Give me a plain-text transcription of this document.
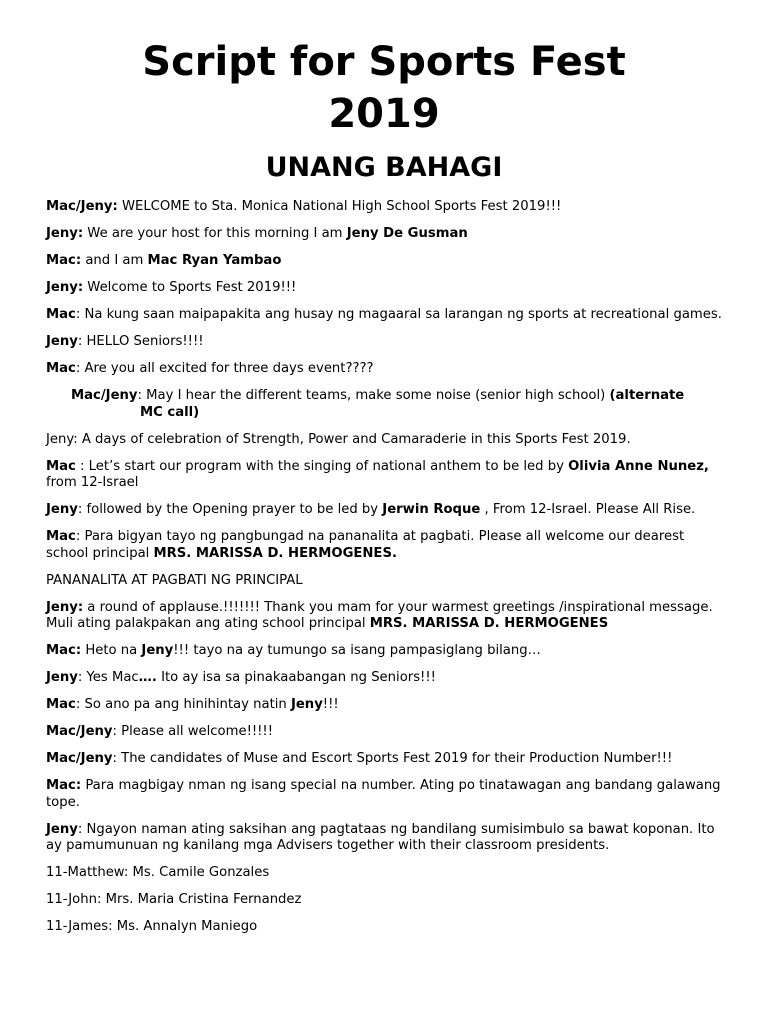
Script for Sports Fest
2019
UNANG BAHAGI

Mac/Jeny: WELCOME to Sta. Monica National High School Sports Fest 2019!!!

Jeny: We are your host for this morning I am Jeny De Gusman

Mac: and I am Mac Ryan Yambao

Jeny: Welcome to Sports Fest 2019!!!

Mac: Na kung saan maipapakita ang husay ng magaaral sa larangan ng sports at recreational games.

Jeny: HELLO Seniors!!!!

Mac: Are you all excited for three days event????

Mac/Jeny: May I hear the different teams, make some noise (senior high school) (alternate
MC call)

Jeny: A days of celebration of Strength, Power and Camaraderie in this Sports Fest 2019.

Mac : Let’s start our program with the singing of national anthem to be led by Olivia Anne Nunez, from 12-Israel

Jeny: followed by the Opening prayer to be led by Jerwin Roque , From 12-Israel. Please All Rise.

Mac: Para bigyan tayo ng pangbungad na pananalita at pagbati. Please all welcome our dearest school principal MRS. MARISSA D. HERMOGENES.

PANANALITA AT PAGBATI NG PRINCIPAL

Jeny: a round of applause.!!!!!!! Thank you mam for your warmest greetings /inspirational message. Muli ating palakpakan ang ating school principal MRS. MARISSA D. HERMOGENES

Mac: Heto na Jeny!!! tayo na ay tumungo sa isang pampasiglang bilang…

Jeny: Yes Mac…. Ito ay isa sa pinakaabangan ng Seniors!!!

Mac: So ano pa ang hinihintay natin Jeny!!!

Mac/Jeny: Please all welcome!!!!!

Mac/Jeny: The candidates of Muse and Escort Sports Fest 2019 for their Production Number!!!

Mac: Para magbigay nman ng isang special na number. Ating po tinatawagan ang bandang galawang tope.

Jeny: Ngayon naman ating saksihan ang pagtataas ng bandilang sumisimbulo sa bawat koponan. Ito ay pamumunuan ng kanilang mga Advisers together with their classroom presidents.

11-Matthew: Ms. Camile Gonzales

11-John: Mrs. Maria Cristina Fernandez

11-James: Ms. Annalyn Maniego
